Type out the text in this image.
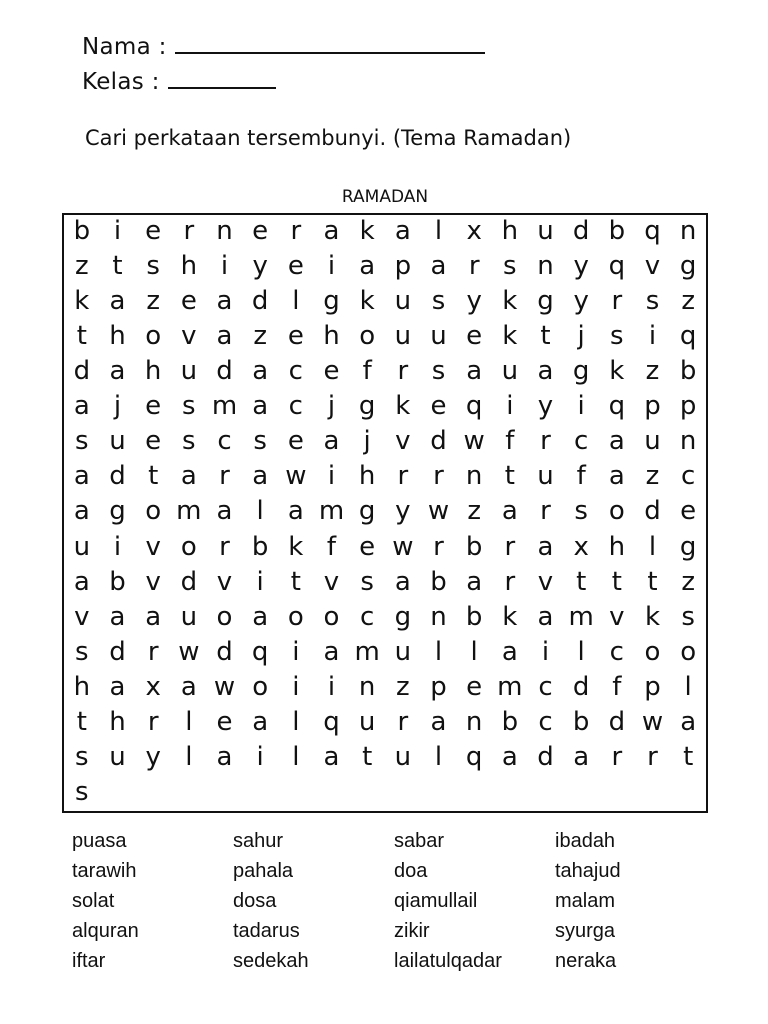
Nama :
Kelas :
Cari perkataan tersembunyi. (Tema Ramadan)
RAMADAN
b i e r n e r a k a l x h u d b q n
z t s h i y e i a p a r s n y q v g
k a z e a d l g k u s y k g y r s z
t h o v a z e h o u u e k t	j s i q
d a h u d a c e f r s a u a g k z b
a j e s m a c j g k e q i y i q p p
s u e s c s e a j v d w f r c a u n
a d t a r a w i h r r n t u f a z c
a g o m a l a m g y w z a r s o d e
u i v o r b k f e w r b r a x h l g
a b v d v i	t v s a b a r v t t t z
v a a u o a o o c g n b k a m v k s
s d r w d q i a m u l	l a i	l c o o
h a x a w o i	i n z p e m c d f p l
t h r	l e a l q u r a n b c b d w a
s u y l a i	l a t u l q a d a r r t
s
puasa	sahur	sabar	ibadah
tarawih	pahala	doa	tahajud
solat	dosa	qiamullail	malam
alquran	tadarus	zikir	syurga
iftar	sedekah	lailatulqadar	neraka
